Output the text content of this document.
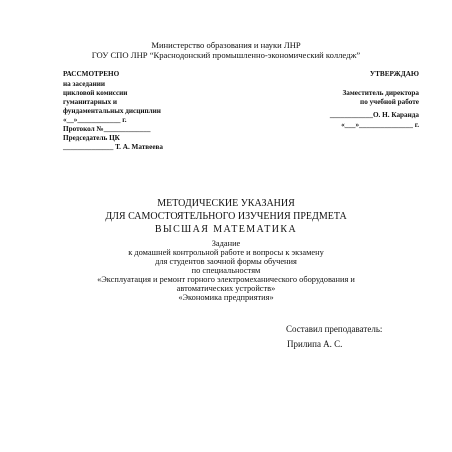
Министерство образования и науки ЛНР
ГОУ СПО ЛНР “Краснодонский промышленно-экономический колледж”
РАССМОТРЕНО
на заседании
цикловой комиссии
гуманитарных и
фундаментальных дисциплин
«__»____________ г.
Протокол №_____________
Председатель ЦК
______________ Т. А. Матвеева
УТВЕРЖДАЮ
Заместитель директора
по учебной работе
____________О. Н. Каранда
«___»_______________ г.
МЕТОДИЧЕСКИЕ УКАЗАНИЯ
ДЛЯ САМОСТОЯТЕЛЬНОГО ИЗУЧЕНИЯ ПРЕДМЕТА
ВЫСШАЯ МАТЕМАТИКА
Задание
к домашней контрольной работе и вопросы к экзамену
для студентов заочной формы обучения
по специальностям
«Эксплуатация и ремонт горного электромеханического оборудования и
автоматических устройств»
«Экономика предприятия»
Составил преподаватель:
Прилипа А. С.
